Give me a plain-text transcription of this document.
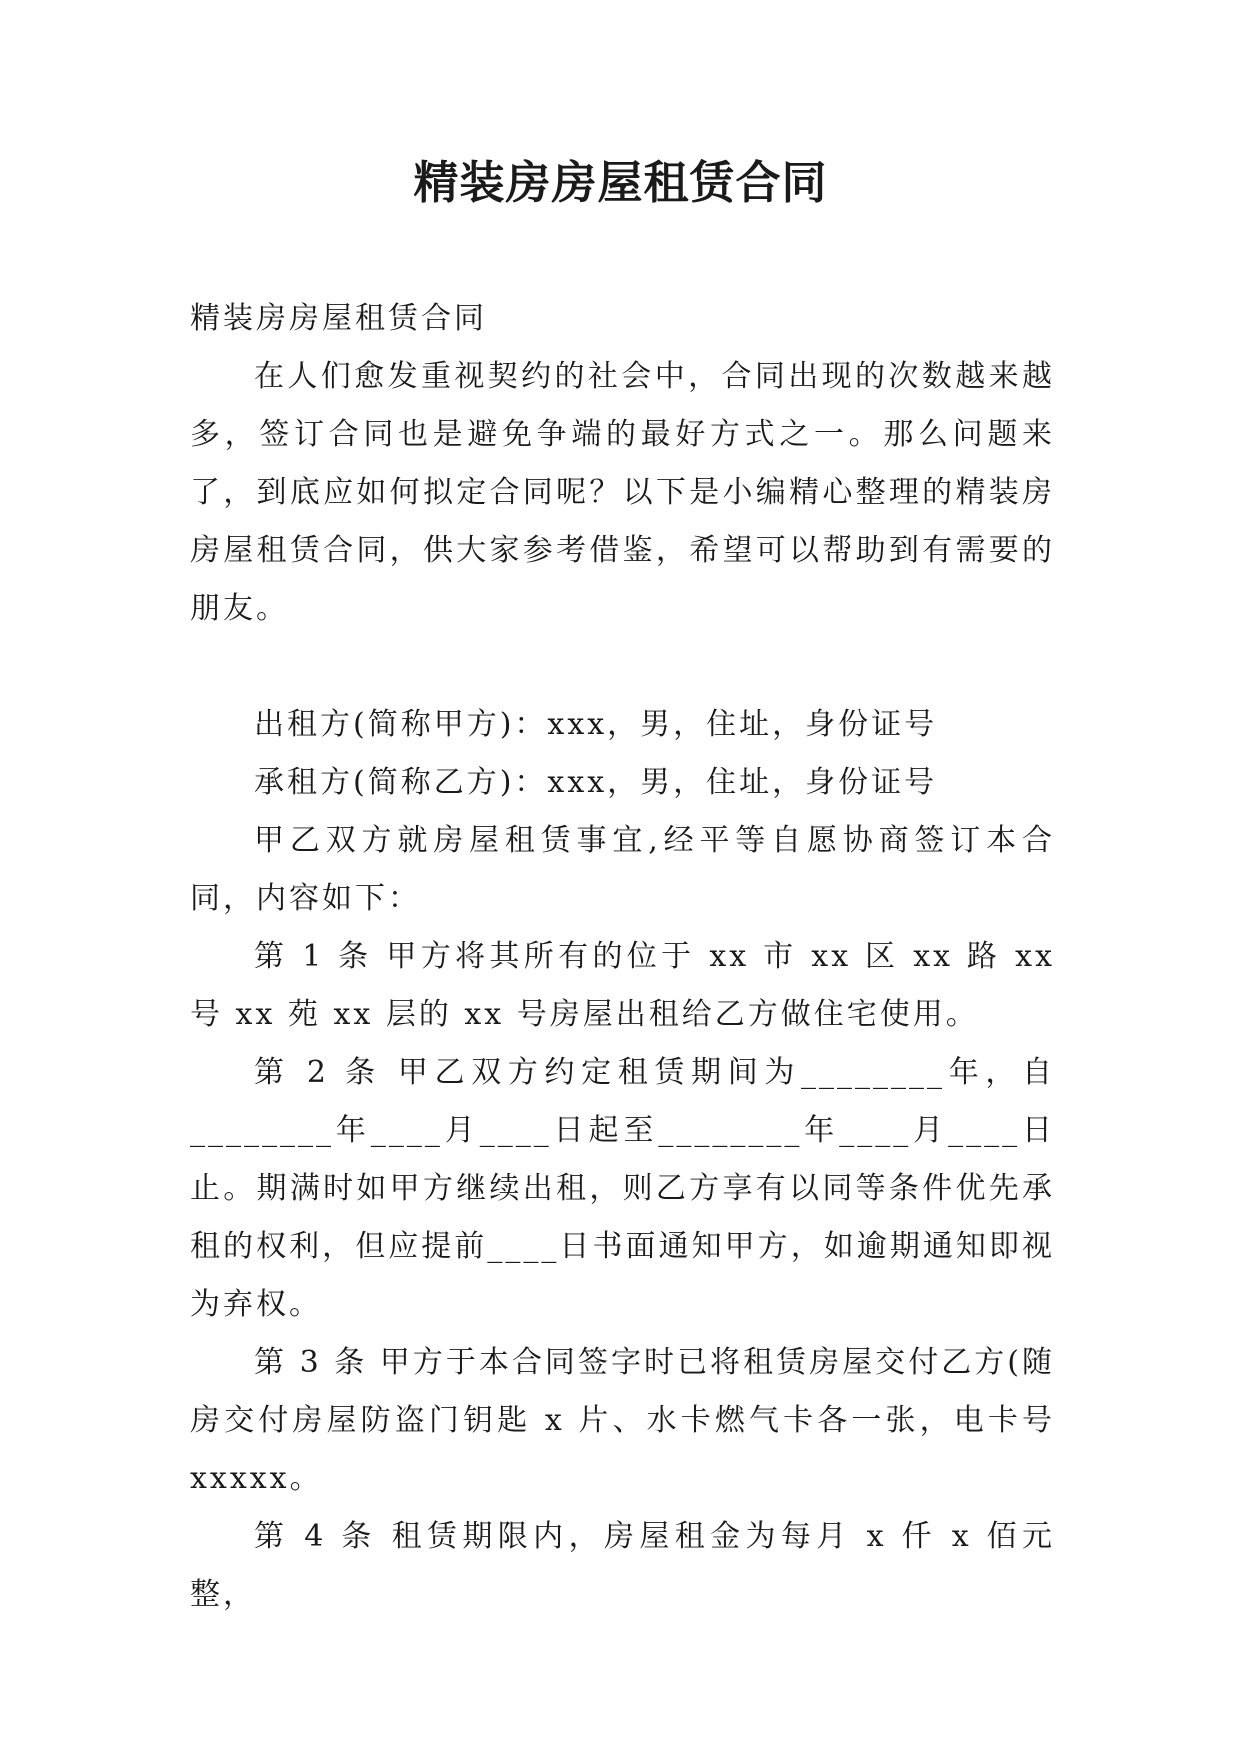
精装房房屋租赁合同

精装房房屋租赁合同

在人们愈发重视契约的社会中，合同出现的次数越来越多，签订合同也是避免争端的最好方式之一。那么问题来了，到底应如何拟定合同呢？以下是小编精心整理的精装房房屋租赁合同，供大家参考借鉴，希望可以帮助到有需要的朋友。

出租方(简称甲方)：xxx，男，住址，身份证号

承租方(简称乙方)：xxx，男，住址，身份证号

甲乙双方就房屋租赁事宜,经平等自愿协商签订本合同，内容如下：

第 1 条 甲方将其所有的位于 xx 市 xx 区 xx 路 xx 号 xx 苑 xx 层的 xx 号房屋出租给乙方做住宅使用。

第 2 条 甲乙双方约定租赁期间为________年，自________年____月____日起至________年____月____日止。期满时如甲方继续出租，则乙方享有以同等条件优先承租的权利，但应提前____日书面通知甲方，如逾期通知即视为弃权。

第 3 条 甲方于本合同签字时已将租赁房屋交付乙方(随房交付房屋防盗门钥匙 x 片、水卡燃气卡各一张，电卡号 xxxxx。

第 4 条 租赁期限内，房屋租金为每月 x 仟 x 佰元整，
